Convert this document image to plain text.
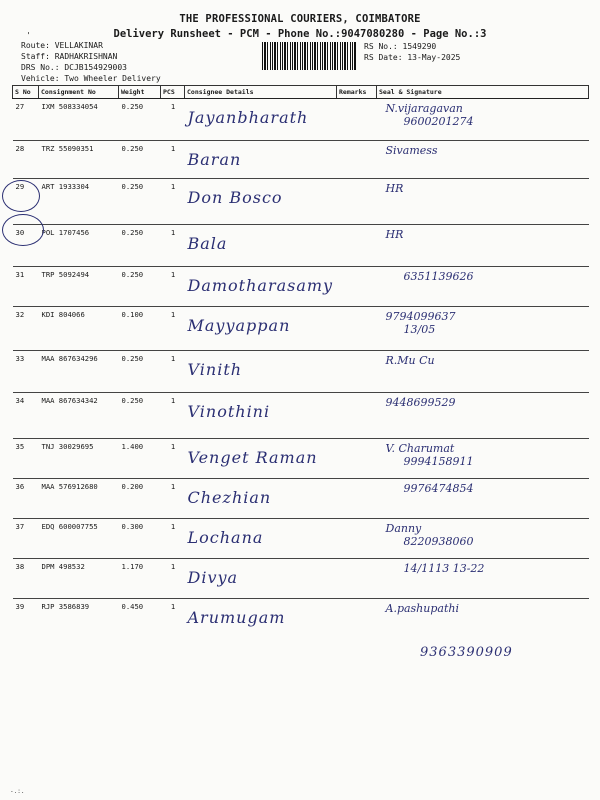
'
THE PROFESSIONAL COURIERS, COIMBATORE
Delivery Runsheet - PCM - Phone No.:9047080280 - Page No.:3
Route: VELLAKINAR
Staff: RADHAKRISHNAN
DRS No.: DCJB154929003
Vehicle: Two Wheeler Delivery
RS No.: 1549290
RS Date: 13-May-2025
S No	Consignment No	Weight	PCS	Consignee Details	Remarks	Seal & Signature
27	IXM 508334054	0.250	1	Jayanbharath		N.vijaragavan
9600201274

28	TRZ 55090351	0.250	1	Baran		Sivamess

29	ART 1933304	0.250	1	Don Bosco		HR

30	POL 1707456	0.250	1	Bala		HR

31	TRP 5092494	0.250	1	Damotharasamy		6351139626

32	KDI 804066	0.100	1	Mayyappan		9794099637
13/05

33	MAA 867634296	0.250	1	Vinith		R.Mu Cu

34	MAA 867634342	0.250	1	Vinothini		9448699529

35	TNJ 30029695	1.400	1	Venget Raman		V. Charumat
9994158911

36	MAA 576912680	0.200	1	Chezhian		9976474854

37	EDQ 600007755	0.300	1	Lochana		Danny
8220938060

38	DPM 498532	1.170	1	Divya		14/1113 13-22

39	RJP 3586839	0.450	1	Arumugam		A.pashupathi
9363390909
-.:.
